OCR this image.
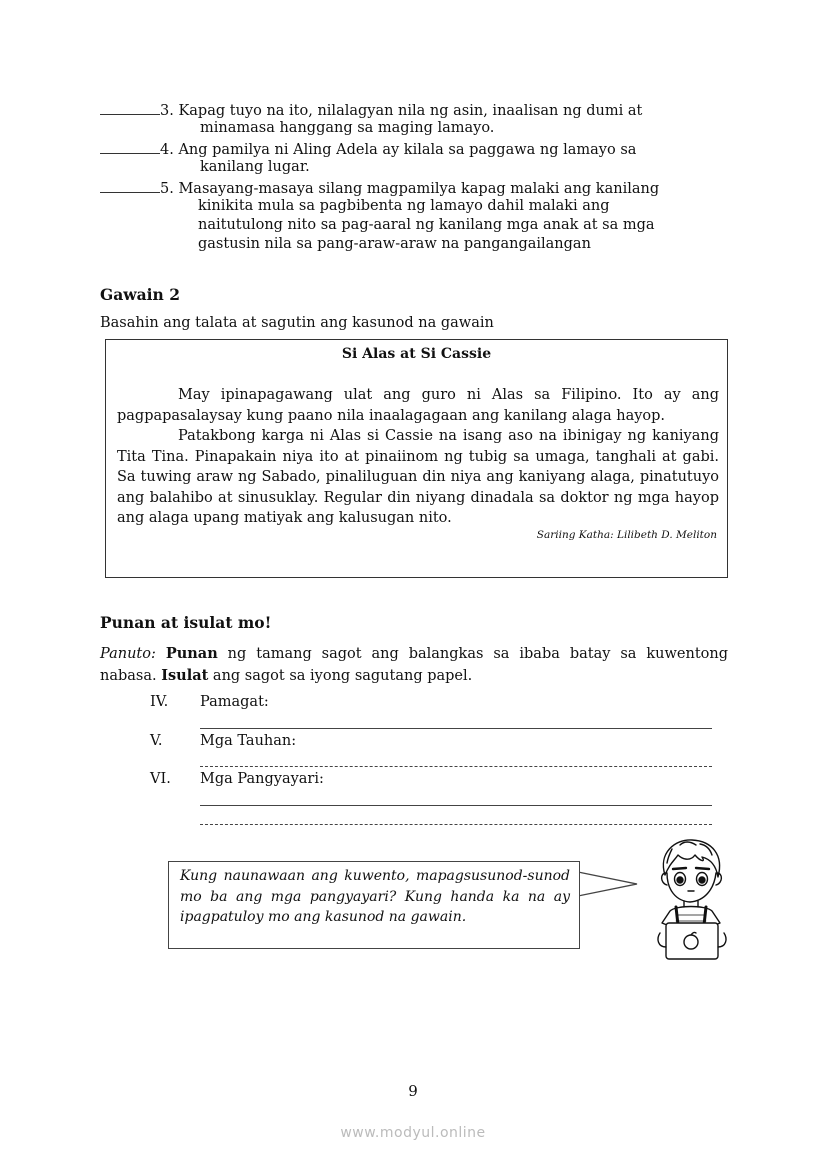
3. Kapag tuyo na ito, nilalagyan nila ng asin, inaalisan ng dumi at
minamasa hanggang sa maging lamayo.
4. Ang pamilya ni Aling Adela ay kilala sa paggawa ng lamayo sa
kanilang lugar.
5. Masayang-masaya silang magpamilya kapag malaki ang kanilang
kinikita mula sa pagbibenta ng lamayo dahil malaki ang
naitutulong nito sa pag-aaral ng kanilang mga anak at sa mga
gastusin nila sa pang-araw-araw na pangangailangan
Gawain 2
Basahin ang talata at sagutin ang kasunod na gawain
Si Alas at Si Cassie

May ipinapagawang ulat ang guro ni Alas sa Filipino. Ito ay ang pagpapasalaysay kung paano nila inaalagagaan ang kanilang alaga hayop.

Patakbong karga ni Alas si Cassie na isang aso na ibinigay ng kaniyang Tita Tina. Pinapakain niya ito at pinaiinom ng tubig sa umaga, tanghali at gabi. Sa tuwing araw ng Sabado, pinaliluguan din niya ang kaniyang alaga, pinatutuyo ang balahibo at sinusuklay. Regular din niyang dinadala sa doktor ng mga hayop ang alaga upang matiyak ang kalusugan nito.

Sariing Katha: Lilibeth D. Meliton
Punan at isulat mo!
Panuto: Punan ng tamang sagot ang balangkas sa ibaba batay sa kuwentong nabasa. Isulat ang sagot sa iyong sagutang papel.
IV. Pamagat:
V.	Mga Tauhan:
VI. Mga Pangyayari:
Kung naunawaan ang kuwento, mapagsusunod-sunod mo ba ang mga pangyayari? Kung handa ka na ay ipagpatuloy mo ang kasunod na gawain.
9
www.modyul.online
